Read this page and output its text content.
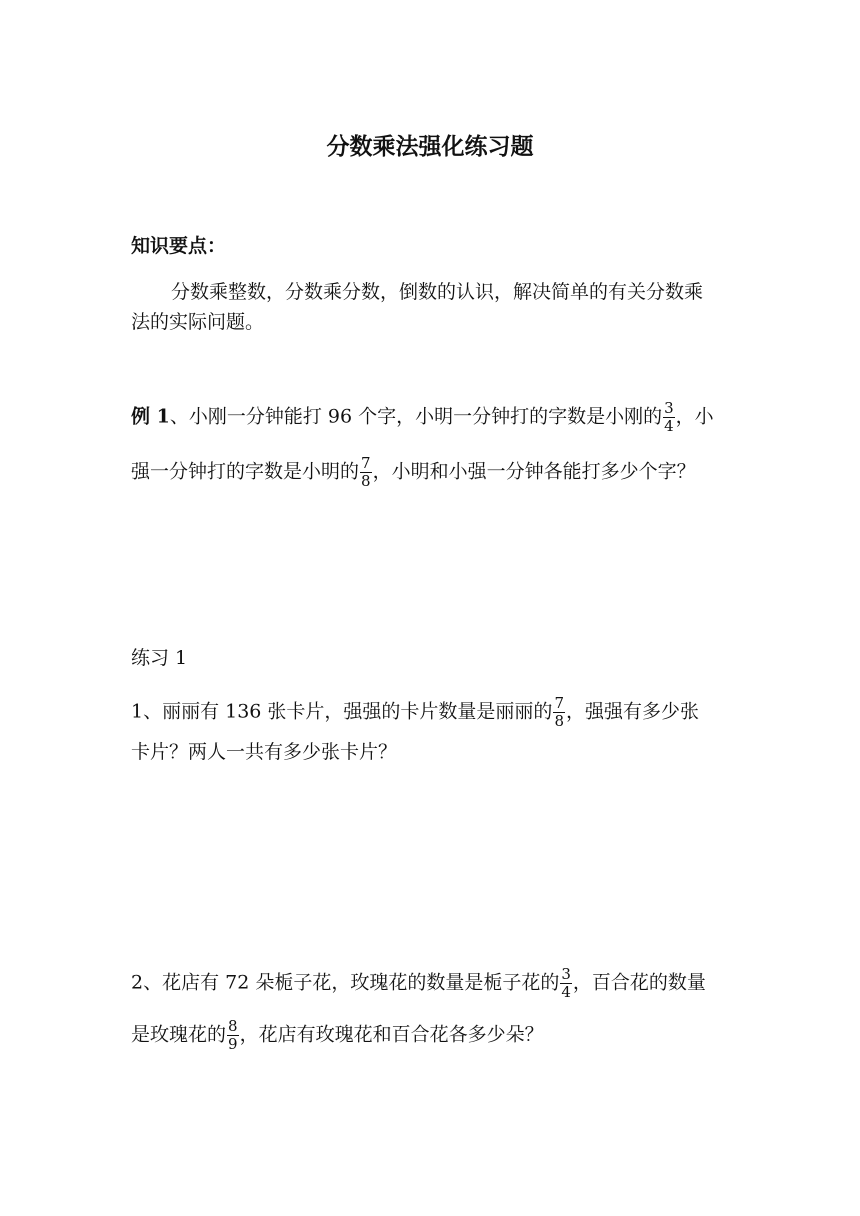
分数乘法强化练习题
知识要点：
分数乘整数，分数乘分数，倒数的认识，解决简单的有关分数乘
法的实际问题。
例 1、小刚一分钟能打 96 个字，小明一分钟打的字数是小刚的 $\frac{3}{4}$ ，小
强一分钟打的字数是小明的 $\frac{7}{8}$ ，小明和小强一分钟各能打多少个字？
练习 1
1、丽丽有 136 张卡片，强强的卡片数量是丽丽的 $\frac{7}{8}$ ，强强有多少张
卡片？两人一共有多少张卡片？
2、花店有 72 朵栀子花，玫瑰花的数量是栀子花的 $\frac{3}{4}$ ，百合花的数量
是玫瑰花的 $\frac{8}{9}$ ，花店有玫瑰花和百合花各多少朵？
